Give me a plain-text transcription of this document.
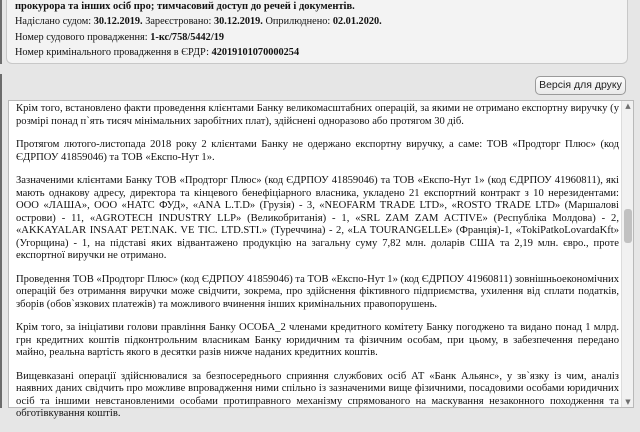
прокурора та інших осіб про; тимчасовий доступ до речей і документів.
Надіслано судом: 30.12.2019. Зареєстровано: 30.12.2019. Оприлюднено: 02.01.2020.
Номер судового провадження: 1-кс/758/5442/19
Номер кримінального провадження в ЄРДР: 42019101070000254
Версія для друку

Крім того, встановлено факти проведення клієнтами Банку великомасштабних операцій, за якими не отримано експортну виручку (у розмірі понад п`ять тисяч мінімальних заробітних плат), здійснені одноразово або протягом 30 діб.

Протягом лютого-листопада 2018 року 2 клієнтами Банку не одержано експортну виручку, а саме: ТОВ «Продторг Плюс» (код ЄДРПОУ 41859046) та ТОВ «Експо-Нут 1».

Зазначеними клієнтами Банку ТОВ «Продторг Плюс» (код ЄДРПОУ 41859046) та ТОВ «Експо-Нут 1» (код ЄДРПОУ 41960811), які мають однакову адресу, директора та кінцевого бенефіціарного власника, укладено 21 експортний контракт з 10 нерезидентами: ООО «ЛАША», ООО «НАТС ФУД», «ANA L.T.D» (Грузія) - 3, «NEOFARM TRADE LTD», «ROSTO TRADE LTD» (Маршалові острови) - 11, «AGROTECH INDUSTRY LLP» (Великобританія) - 1, «SRL ZAM ZAM ACTIVE» (Республіка Молдова) - 2, «AKKAYALAR INSAAT PET.NAK. VE TIC. LTD.STI.» (Туреччина) - 2, «LA TOURANGELLE» (Франція)-1, «TokiPatkoLovardaKft» (Угорщина) - 1, на підставі яких відвантажено продукцію на загальну суму 7,82 млн. доларів США та 2,19 млн. євро., проте експортної виручки не отримано.

Проведення ТОВ «Продторг Плюс» (код ЄДРПОУ 41859046) та ТОВ «Експо-Нут 1» (код ЄДРПОУ 41960811) зовнішньоекономічних операцій без отримання виручки може свідчити, зокрема, про здійснення фіктивного підприємства, ухилення від сплати податків, зборів (обов`язкових платежів) та можливого вчинення інших кримінальних правопорушень.

Крім того, за ініціативи голови правління Банку ОСОБА_2 членами кредитного комітету Банку погоджено та видано понад 1 млрд. грн кредитних коштів підконтрольним власникам Банку юридичним та фізичним особам, при цьому, в забезпечення передано майно, реальна вартість якого в десятки разів нижче наданих кредитних коштів.

Вищевказані операції здійснювалися за безпосереднього сприяння службових осіб АТ «Банк Альянс», у зв`язку із чим, аналіз наявних даних свідчить про можливе впровадження ними спільно із зазначеними вище фізичними, посадовими особами юридичних осіб та іншими невстановленими особами протиправного механізму спрямованого на маскування незаконного походження та обготівкування коштів.

▲
▼
